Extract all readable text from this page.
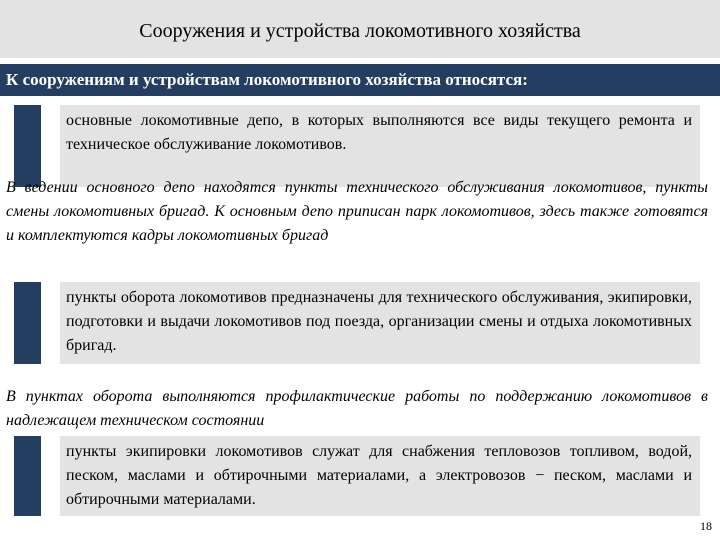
Сооружения и устройства локомотивного хозяйства
К сооружениям и устройствам локомотивного хозяйства относятся:
основные локомотивные депо, в которых выполняются все виды текущего ремонта и техническое обслуживание локомотивов.
В ведении основного депо находятся пункты технического обслуживания локомотивов, пункты смены локомотивных бригад. К основным депо приписан парк локомотивов, здесь также готовятся и комплектуются кадры локомотивных бригад
пункты оборота локомотивов предназначены для технического обслуживания, экипировки, подготовки и выдачи локомотивов под поезда, организации смены и отдыха локомотивных бригад.
В пунктах оборота выполняются профилактические работы по поддержанию локомотивов в надлежащем техническом состоянии
пункты экипировки локомотивов служат для снабжения тепловозов топливом, водой, песком, маслами и обтирочными материалами, а электровозов − песком, маслами и обтирочными материалами.
18
